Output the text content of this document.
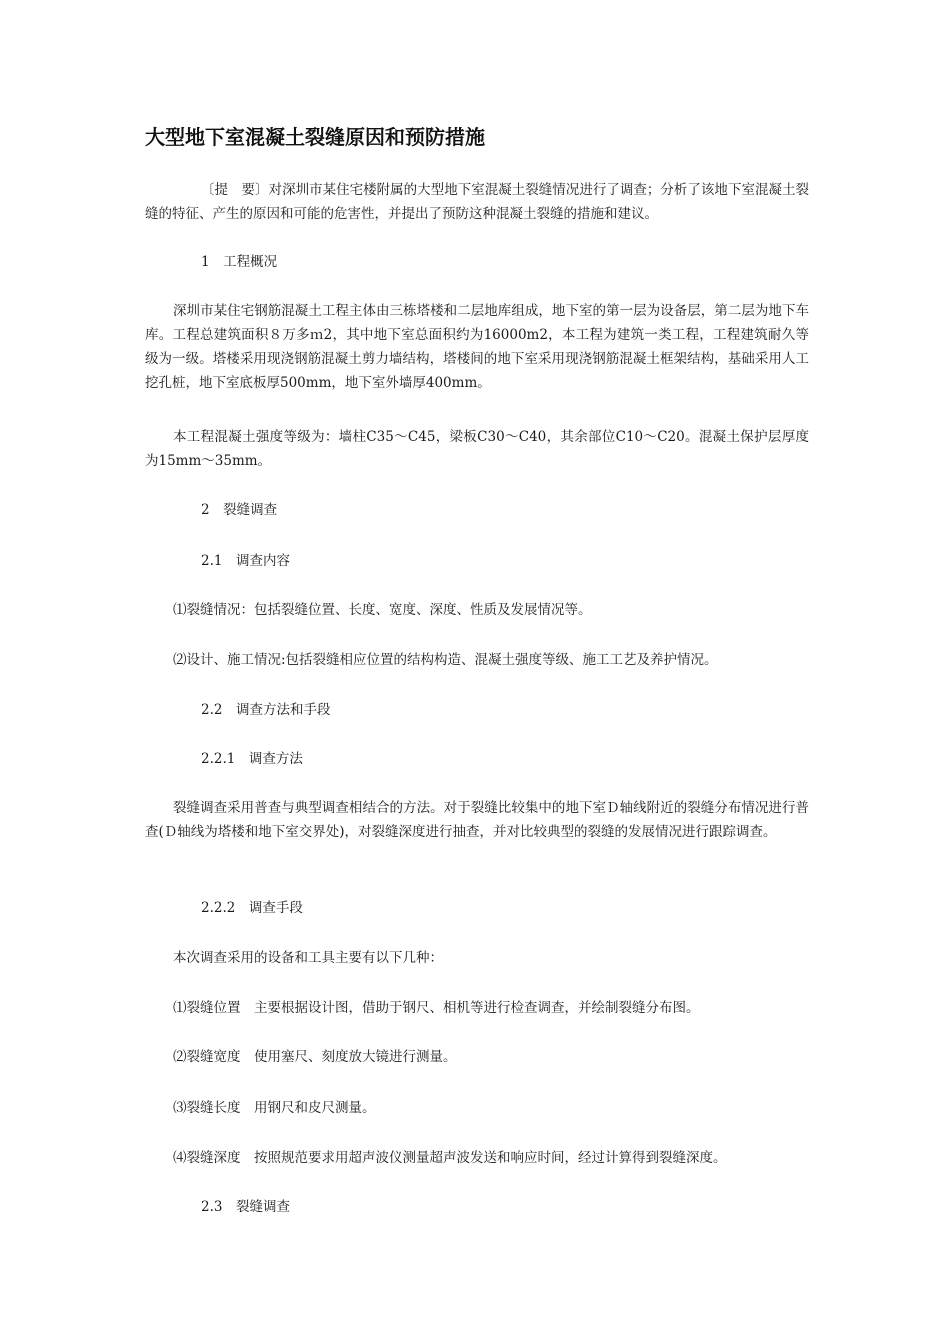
大型地下室混凝土裂缝原因和预防措施

〔提　要〕对深圳市某住宅楼附属的大型地下室混凝土裂缝情况进行了调查；分析了该地下室混凝土裂缝的特征、产生的原因和可能的危害性，并提出了预防这种混凝土裂缝的措施和建议。

1　工程概况

深圳市某住宅钢筋混凝土工程主体由三栋塔楼和二层地库组成，地下室的第一层为设备层，第二层为地下车库。工程总建筑面积８万多ｍ2，其中地下室总面积约为16000m2，本工程为建筑一类工程，工程建筑耐久等级为一级。塔楼采用现浇钢筋混凝土剪力墙结构，塔楼间的地下室采用现浇钢筋混凝土框架结构，基础采用人工挖孔桩，地下室底板厚500mm，地下室外墙厚400mm。

本工程混凝土强度等级为：墙柱C35～C45，梁板C30～C40，其余部位C10～C20。混凝土保护层厚度为15mm～35mm。

2　裂缝调查

2.1　调查内容

⑴裂缝情况：包括裂缝位置、长度、宽度、深度、性质及发展情况等。

⑵设计、施工情况:包括裂缝相应位置的结构构造、混凝土强度等级、施工工艺及养护情况。

2.2　调查方法和手段

2.2.1　调查方法

裂缝调查采用普查与典型调查相结合的方法。对于裂缝比较集中的地下室Ｄ轴线附近的裂缝分布情况进行普查(Ｄ轴线为塔楼和地下室交界处)，对裂缝深度进行抽查，并对比较典型的裂缝的发展情况进行跟踪调查。

2.2.2　调查手段

本次调查采用的设备和工具主要有以下几种：

⑴裂缝位置　主要根据设计图，借助于钢尺、相机等进行检查调查，并绘制裂缝分布图。

⑵裂缝宽度　使用塞尺、刻度放大镜进行测量。

⑶裂缝长度　用钢尺和皮尺测量。

⑷裂缝深度　按照规范要求用超声波仪测量超声波发送和响应时间，经过计算得到裂缝深度。

2.3　裂缝调查
